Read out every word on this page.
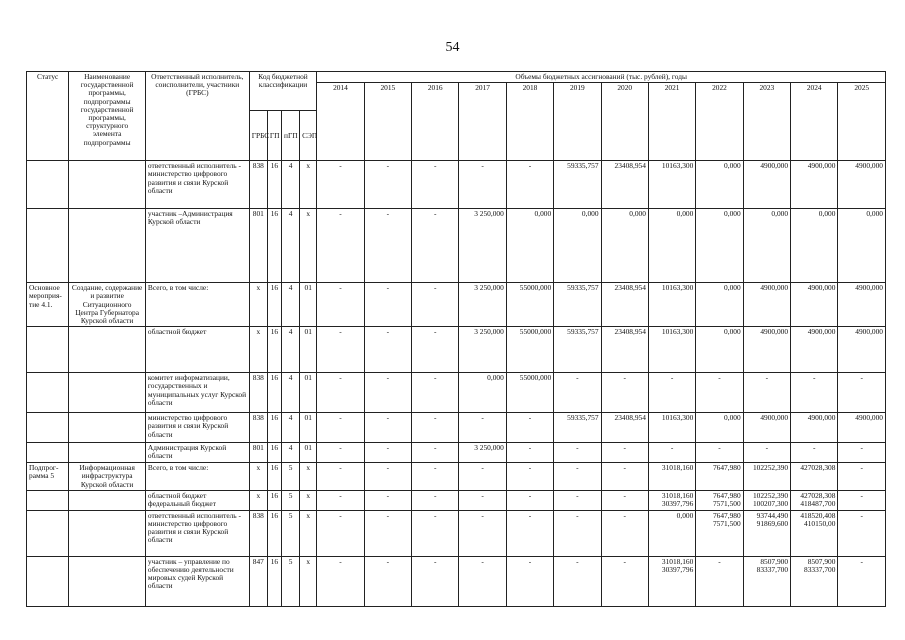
54
Статус	Наименование государственной программы, подпрограммы государственной программы, структурного элемента подпрограммы	Ответственный исполнитель, соисполнители, участники (ГРБС)	Код бюджетной классификации				Объемы бюджетных ассигнований (тыс. рублей), годы											
							2014	2015	2016	2017	2018	2019	2020	2021	2022	2023	2024	2025
			ГРБС	ГП	пГП	СЭП												
		ответственный исполнитель - министерство цифрового развития и связи Курской области	838	16	4	х	-	-	-	-	-	59335,757	23408,954	10163,300	0,000	4900,000	4900,000	4900,000
		участник –Администрация Курской области	801	16	4	х	-	-	-	3 250,000	0,000	0,000	0,000	0,000	0,000	0,000	0,000	0,000
Основное мероприя-тие 4.1.	Создание, содержание и развитие Ситуационного Центра Губернатора Курской области	Всего, в том числе:	х	16	4	01	-	-	-	3 250,000	55000,000	59335,757	23408,954	10163,300	0,000	4900,000	4900,000	4900,000
		областной бюджет	х	16	4	01	-	-	-	3 250,000	55000,000	59335,757	23408,954	10163,300	0,000	4900,000	4900,000	4900,000
		комитет информатизации, государственных и муниципальных услуг Курской области	838	16	4	01	-	-	-	0,000	55000,000	-	-	-	-	-	-	-
		министерство цифрового развития и связи Курской области	838	16	4	01	-	-	-	-	-	59335,757	23408,954	10163,300	0,000	4900,000	4900,000	4900,000
		Администрация Курской области	801	16	4	01	-	-	-	3 250,000	-	-	-	-	-	-	-	-
Подпрог-рамма 5	Информационная инфраструктура Курской области	Всего, в том числе:	х	16	5	х	-	-	-	-	-	-	-	31018,160	7647,980	102252,390	427028,308	-
		областной бюджет федеральный бюджет	х	16	5	х	-	-	-	-	-	-	-	31018,160 30397,796	7647,980 7571,500	102252,390 100207,300	427028,308 418487,700	-
		ответственный исполнитель - министерство цифрового развития и связи Курской области	838	16	5	х	-	-	-	-	-	-	-	0,000	7647,980 7571,500	93744,490 91869,600	418520,408 410150,00	-
		участник – управление по обеспечению деятельности мировых судей Курской области	847	16	5	х	-	-	-	-	-	-	-	31018,160 30397,796	-	8507,900 83337,700	8507,900 83337,700	-
